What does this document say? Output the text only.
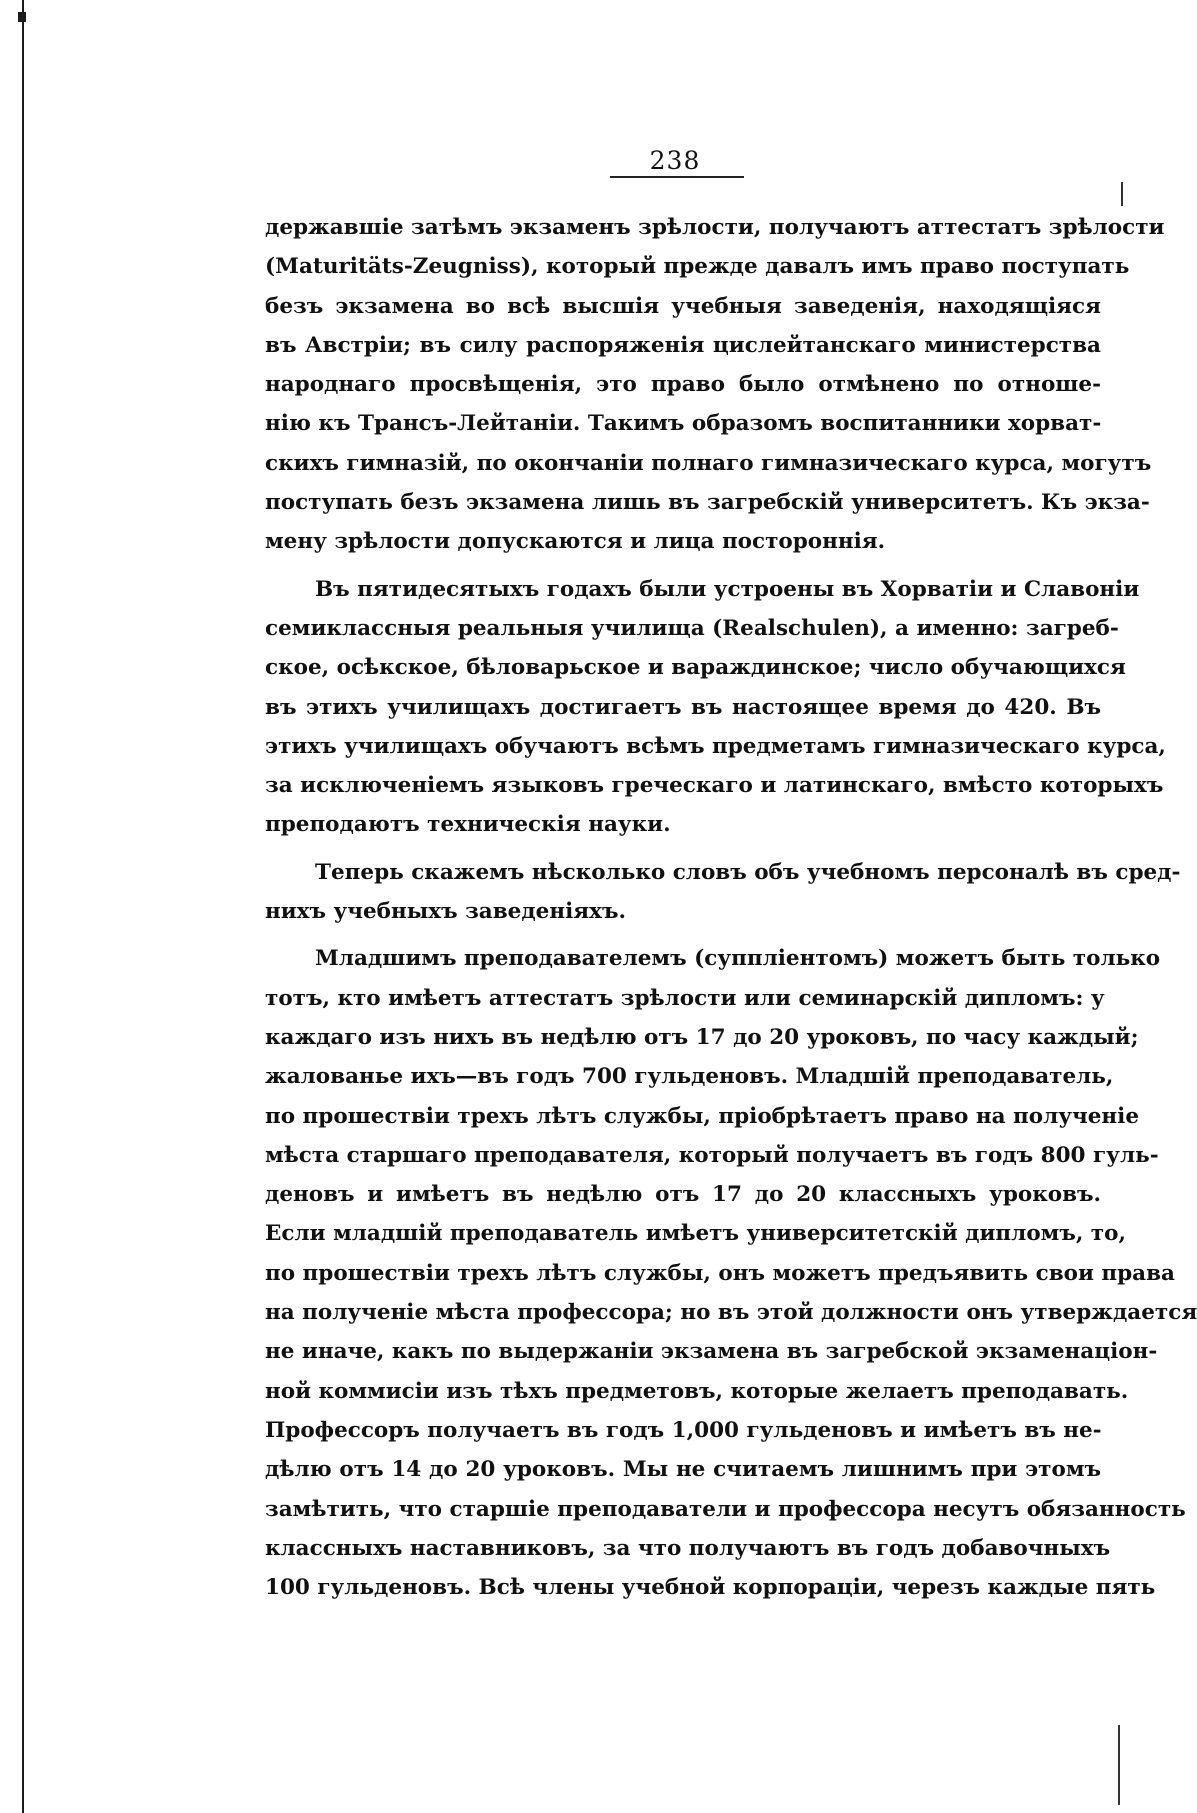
238
державшіе затѣмъ экзаменъ зрѣлости, получаютъ аттестатъ зрѣлости
(Maturitäts-Zeugniss), который прежде давалъ имъ право поступать
безъ экзамена во всѣ высшія учебныя заведенія, находящіяся
въ Австріи; въ силу распоряженія цислейтанскаго министерства
народнаго просвѣщенія, это право было отмѣнено по отноше-
нію къ Трансъ-Лейтаніи. Такимъ образомъ воспитанники хорват-
скихъ гимназій, по окончаніи полнаго гимназическаго курса, могутъ
поступать безъ экзамена лишь въ загребскій университетъ. Къ экза-
мену зрѣлости допускаются и лица постороннія.
Въ пятидесятыхъ годахъ были устроены въ Хорватіи и Славоніи
семиклассныя реальныя училища (Realschulen), а именно: загреб-
ское, осѣкское, бѣловарьское и вараждинское; число обучающихся
въ этихъ училищахъ достигаетъ въ настоящее время до 420. Въ
этихъ училищахъ обучаютъ всѣмъ предметамъ гимназическаго курса,
за исключеніемъ языковъ греческаго и латинскаго, вмѣсто которыхъ
преподаютъ техническія науки.
Теперь скажемъ нѣсколько словъ объ учебномъ персоналѣ въ сред-
нихъ учебныхъ заведеніяхъ.
Младшимъ преподавателемъ (суппліентомъ) можетъ быть только
тотъ, кто имѣетъ аттестатъ зрѣлости или семинарскій дипломъ: у
каждаго изъ нихъ въ недѣлю отъ 17 до 20 уроковъ, по часу каждый;
жалованье ихъ—въ годъ 700 гульденовъ. Младшій преподаватель,
по прошествіи трехъ лѣтъ службы, пріобрѣтаетъ право на полученіе
мѣста старшаго преподавателя, который получаетъ въ годъ 800 гуль-
деновъ и имѣетъ въ недѣлю отъ 17 до 20 классныхъ уроковъ.
Если младшій преподаватель имѣетъ университетскій дипломъ, то,
по прошествіи трехъ лѣтъ службы, онъ можетъ предъявить свои права
на полученіе мѣста профессора; но въ этой должности онъ утверждается
не иначе, какъ по выдержаніи экзамена въ загребской экзаменаціон-
ной коммисіи изъ тѣхъ предметовъ, которые желаетъ преподавать.
Профессоръ получаетъ въ годъ 1,000 гульденовъ и имѣетъ въ не-
дѣлю отъ 14 до 20 уроковъ. Мы не считаемъ лишнимъ при этомъ
замѣтить, что старшіе преподаватели и профессора несутъ обязанность
классныхъ наставниковъ, за что получаютъ въ годъ добавочныхъ
100 гульденовъ. Всѣ члены учебной корпораціи, черезъ каждые пять
